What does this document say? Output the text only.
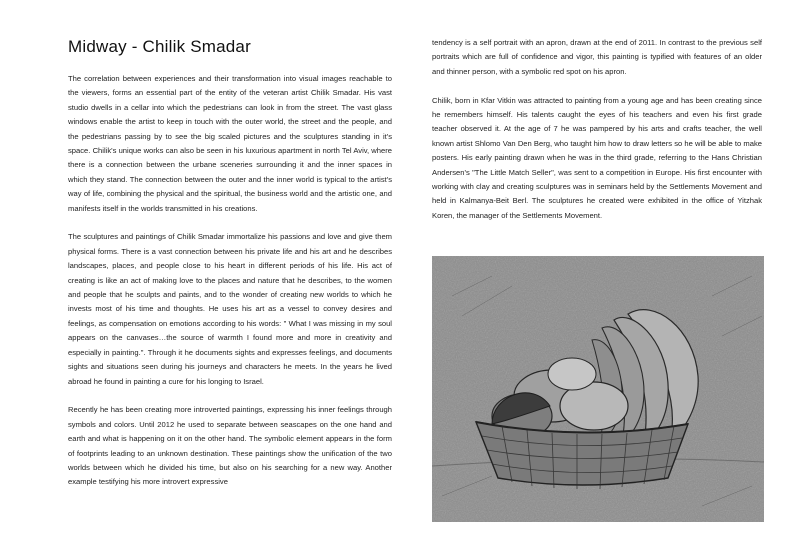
Midway - Chilik Smadar

The correlation between experiences and their transformation into visual images reachable to the viewers, forms an essential part of the entity of the veteran artist Chilik Smadar. His vast studio dwells in a cellar into which the pedestrians can look in from the street. The vast glass windows enable the artist to keep in touch with the outer world, the street and the people, and the pedestrians passing by to see the big scaled pictures and the sculptures standing in it's space. Chilik's unique works can also be seen in his luxurious apartment in north Tel Aviv, where there is a connection between the urbane sceneries surrounding it and the inner spaces in which they stand. The connection between the outer and the inner world is typical to the artist's way of life, combining the physical and the spiritual, the business world and the artistic one, and manifests itself in the worlds transmitted in his creations.

The sculptures and paintings of Chilik Smadar immortalize his passions and love and give them physical forms. There is a vast connection between his private life and his art and he describes landscapes, places, and people close to his heart in different periods of his life. His act of creating is like an act of making love to the places and nature that he describes, to the women and people that he sculpts and paints, and to the wonder of creating new worlds to which he invests most of his time and thoughts. He uses his art as a vessel to convey desires and feelings, as compensation on emotions according to his words: " What I was missing in my soul appears on the canvases…the source of warmth I found more and more in creativity and especially in painting.". Through it he documents sights and expresses feelings, and documents sights and situations seen during his journeys and characters he meets. In the years he lived abroad he found in painting a cure for his longing to Israel.

Recently he has been creating more introverted paintings, expressing his inner feelings through symbols and colors. Until 2012 he used to separate between seascapes on the one hand and earth and what is happening on it on the other hand. The symbolic element appears in the form of footprints leading to an unknown destination. These paintings show the unification of the two worlds between which he divided his time, but also on his searching for a new way. Another example testifying his more introvert expressive

tendency is a self portrait with an apron, drawn at the end of 2011. In contrast to the previous self portraits which are full of confidence and vigor, this painting is typified with features of an older and thinner person, with a symbolic red spot on his apron.

Chilik, born in Kfar Vitkin was attracted to painting from a young age and has been creating since he remembers himself. His talents caught the eyes of his teachers and even his first grade teacher observed it. At the age of 7 he was pampered by his arts and crafts teacher, the well known artist Shlomo Van Den Berg, who taught him how to draw letters so he will be able to make posters. His early painting drawn when he was in the third grade, referring to the Hans Christian Andersen's "The Little Match Seller", was sent to a competition in Europe. His first encounter with working with clay and creating sculptures was in seminars held by the Settlements Movement and held in Kalmanya-Beit Berl. The sculptures he created were exhibited in the office of Yitzhak Koren, the manager of the Settlements Movement.
